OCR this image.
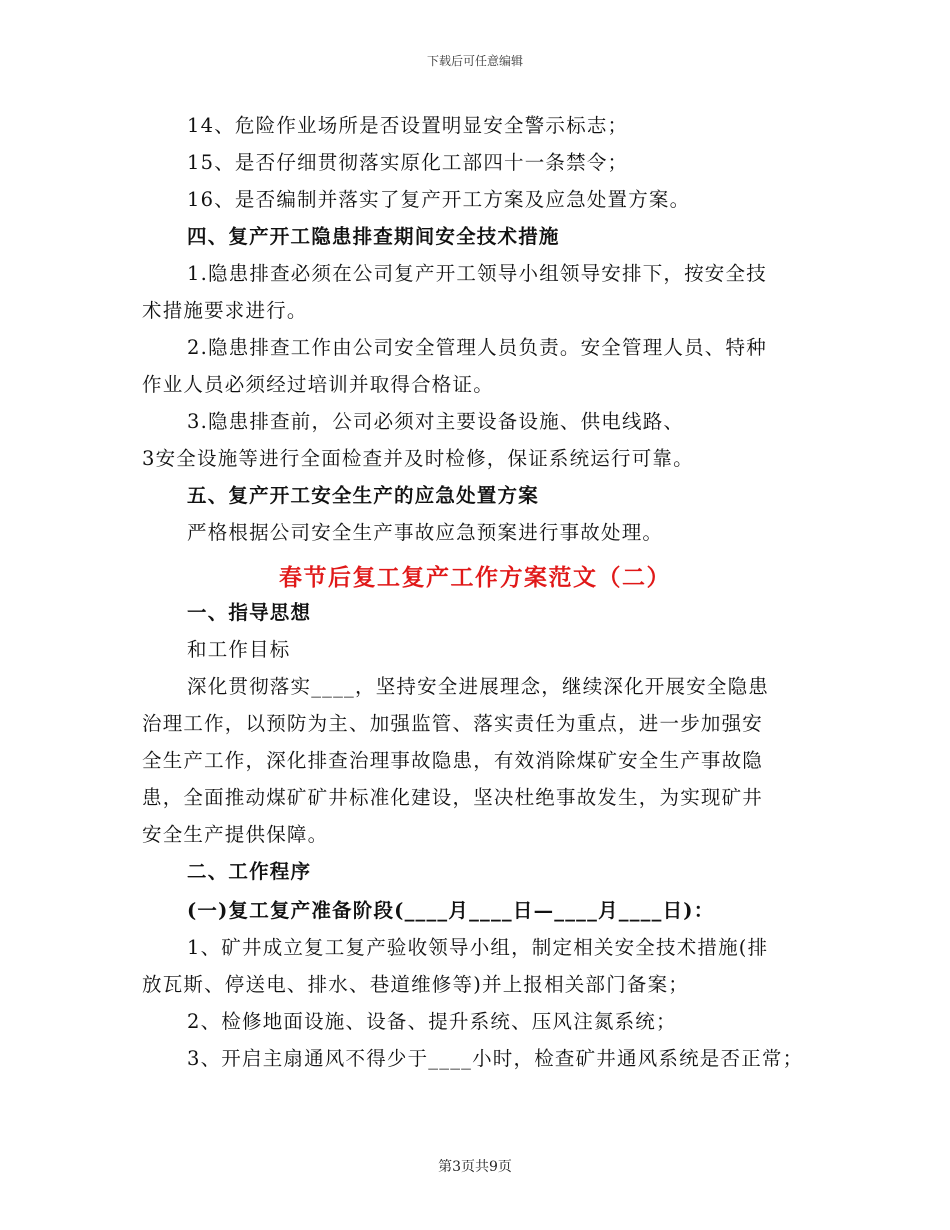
下载后可任意编辑
14、危险作业场所是否设置明显安全警示标志；
15、是否仔细贯彻落实原化工部四十一条禁令；
16、是否编制并落实了复产开工方案及应急处置方案。
四、复产开工隐患排查期间安全技术措施
1.隐患排查必须在公司复产开工领导小组领导安排下，按安全技
术措施要求进行。
2.隐患排查工作由公司安全管理人员负责。安全管理人员、特种
作业人员必须经过培训并取得合格证。
3.隐患排查前，公司必须对主要设备设施、供电线路、
3安全设施等进行全面检查并及时检修，保证系统运行可靠。
五、复产开工安全生产的应急处置方案
严格根据公司安全生产事故应急预案进行事故处理。
春节后复工复产工作方案范文（二）
一、指导思想
和工作目标
深化贯彻落实____，坚持安全进展理念，继续深化开展安全隐患
治理工作，以预防为主、加强监管、落实责任为重点，进一步加强安
全生产工作，深化排查治理事故隐患，有效消除煤矿安全生产事故隐
患，全面推动煤矿矿井标准化建设，坚决杜绝事故发生，为实现矿井
安全生产提供保障。
二、工作程序
(一)复工复产准备阶段(____月____日—____月____日)：
1、矿井成立复工复产验收领导小组，制定相关安全技术措施(排
放瓦斯、停送电、排水、巷道维修等)并上报相关部门备案；
2、检修地面设施、设备、提升系统、压风注氮系统；
3、开启主扇通风不得少于____小时，检查矿井通风系统是否正常；
第3页共9页
